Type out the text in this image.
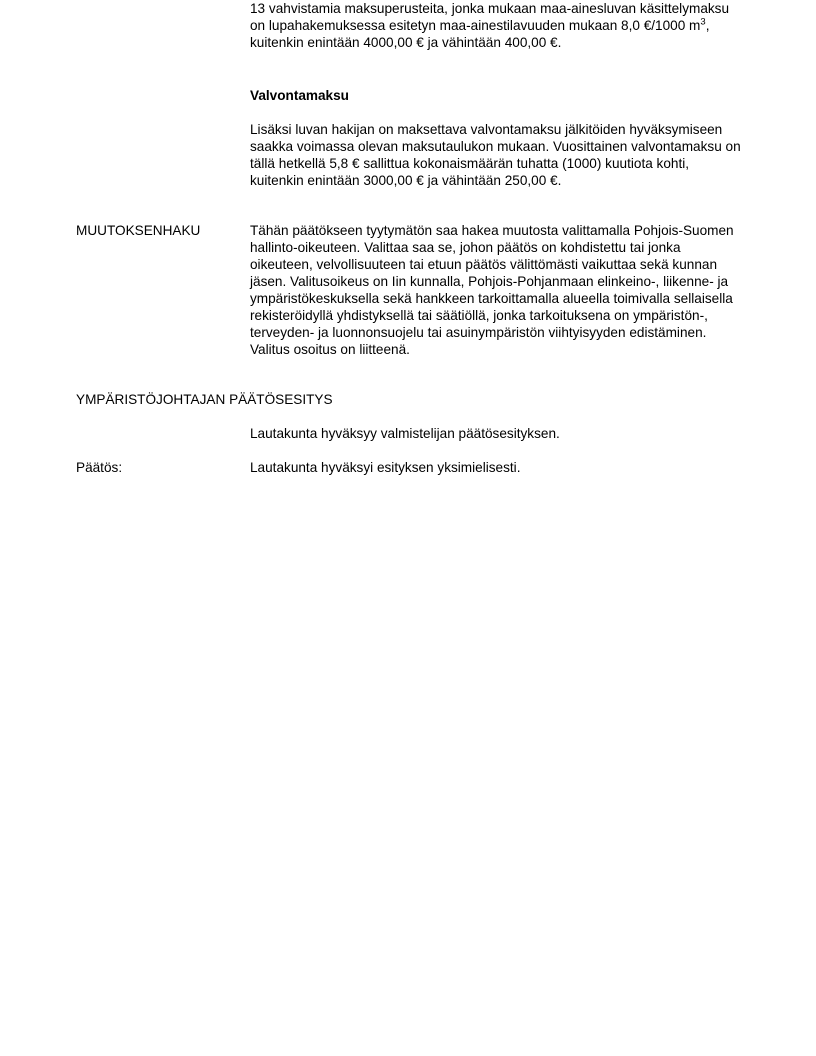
13 vahvistamia maksuperusteita, jonka mukaan maa-ainesluvan käsittelymaksu on lupahakemuksessa esitetyn maa-ainestilavuuden mukaan 8,0 €/1000 $m^3$, kuitenkin enintään 4000,00 € ja vähintään 400,00 €.

Valvontamaksu

Lisäksi luvan hakijan on maksettava valvontamaksu jälkitöiden hyväksymiseen saakka voimassa olevan maksutaulukon mukaan. Vuosittainen valvontamaksu on tällä hetkellä 5,8 € sallittua kokonaismäärän tuhatta (1000) kuutiota kohti, kuitenkin enintään 3000,00 € ja vähintään 250,00 €.

MUUTOKSENHAKU	Tähän päätökseen tyytymätön saa hakea muutosta valittamalla Pohjois-Suomen hallinto-oikeuteen. Valittaa saa se, johon päätös on kohdistettu tai jonka oikeuteen, velvollisuuteen tai etuun päätös välittömästi vaikuttaa sekä kunnan jäsen. Valitusoikeus on Iin kunnalla, Pohjois-Pohjanmaan elinkeino-, liikenne- ja ympäristökeskuksella sekä hankkeen tarkoittamalla alueella toimivalla sellaisella rekisteröidyllä yhdistyksellä tai säätiöllä, jonka tarkoituksena on ympäristön-, terveyden- ja luonnonsuojelu tai asuinympäristön viihtyisyyden edistäminen. Valitus osoitus on liitteenä.

YMPÄRISTÖJOHTAJAN PÄÄTÖSESITYS

Lautakunta hyväksyy valmistelijan päätösesityksen.

Päätös:	Lautakunta hyväksyi esityksen yksimielisesti.
